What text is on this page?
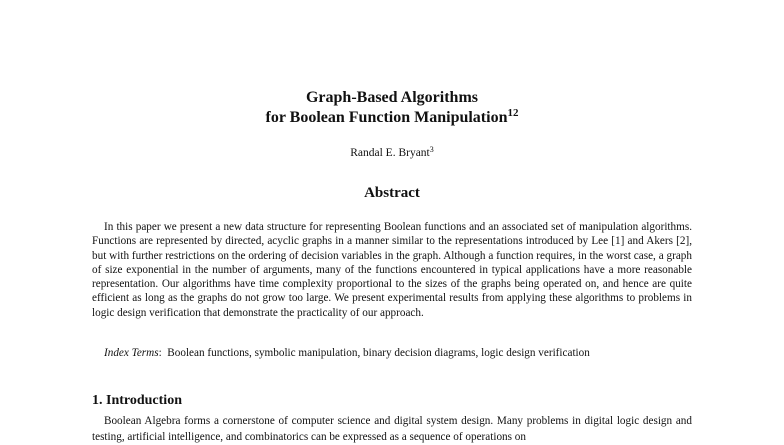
Graph-Based Algorithms
for Boolean Function Manipulation$^{12}$
Randal E. Bryant$^3$
Abstract

In this paper we present a new data structure for representing Boolean functions and an associated set of manipulation algorithms. Functions are represented by directed, acyclic graphs in a manner similar to the representations introduced by Lee [1] and Akers [2], but with further restrictions on the ordering of decision variables in the graph. Although a function requires, in the worst case, a graph of size exponential in the number of arguments, many of the functions encountered in typical applications have a more reasonable representation. Our algorithms have time complexity proportional to the sizes of the graphs being operated on, and hence are quite efficient as long as the graphs do not grow too large. We present experimental results from applying these algorithms to problems in logic design verification that demonstrate the practicality of our approach.

Index Terms: Boolean functions, symbolic manipulation, binary decision diagrams, logic design verification

1. Introduction

Boolean Algebra forms a cornerstone of computer science and digital system design. Many problems in digital logic design and testing, artificial intelligence, and combinatorics can be expressed as a sequence of operations on
